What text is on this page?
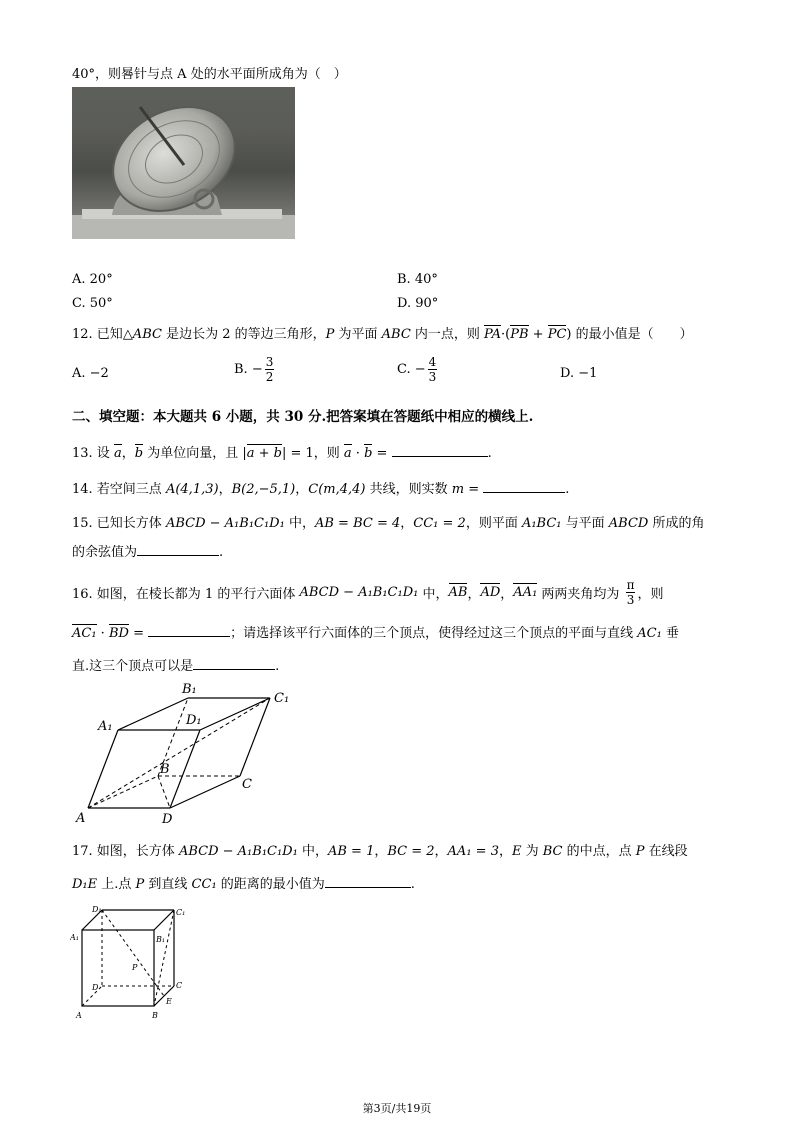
40°，则晷针与点 A 处的水平面所成角为（　）
A. 20°	B. 40°
C. 50°	D. 90°
12. 已知△ABC 是边长为 2 的等边三角形，P 为平面 ABC 内一点，则 PA·(PB + PC) 的最小值是（　　）
A. −2	B. − $\frac{3}{2}$	C. − $\frac{4}{3}$	D. −1
二、填空题：本大题共 6 小题，共 30 分.把答案填在答题纸中相应的横线上.
13. 设 a，b 为单位向量，且 |a + b| = 1，则 a · b =	.
14. 若空间三点 A(4,1,3)，B(2,−5,1)，C(m,4,4) 共线，则实数 m =	.
15. 已知长方体 ABCD − A₁B₁C₁D₁ 中，AB = BC = 4，CC₁ = 2，则平面 A₁BC₁ 与平面 ABCD 所成的角
的余弦值为	.
16. 如图，在棱长都为 1 的平行六面体 ABCD − A₁B₁C₁D₁ 中，AB，AD，AA₁ 两两夹角均为 $\frac{\pi}{3}$ ，则
AC₁ · BD =	；请选择该平行六面体的三个顶点，使得经过这三个顶点的平面与直线 AC₁ 垂
直.这三个顶点可以是	.
A	D
B
C
A₁
B₁
C₁
D₁
17. 如图，长方体 ABCD − A₁B₁C₁D₁ 中，AB = 1，BC = 2，AA₁ = 3，E 为 BC 的中点，点 P 在线段
D₁E 上.点 P 到直线 CC₁ 的距离的最小值为	.
D₁	C₁
A₁	B₁
P
D	C
E
A	B
第3页/共19页
